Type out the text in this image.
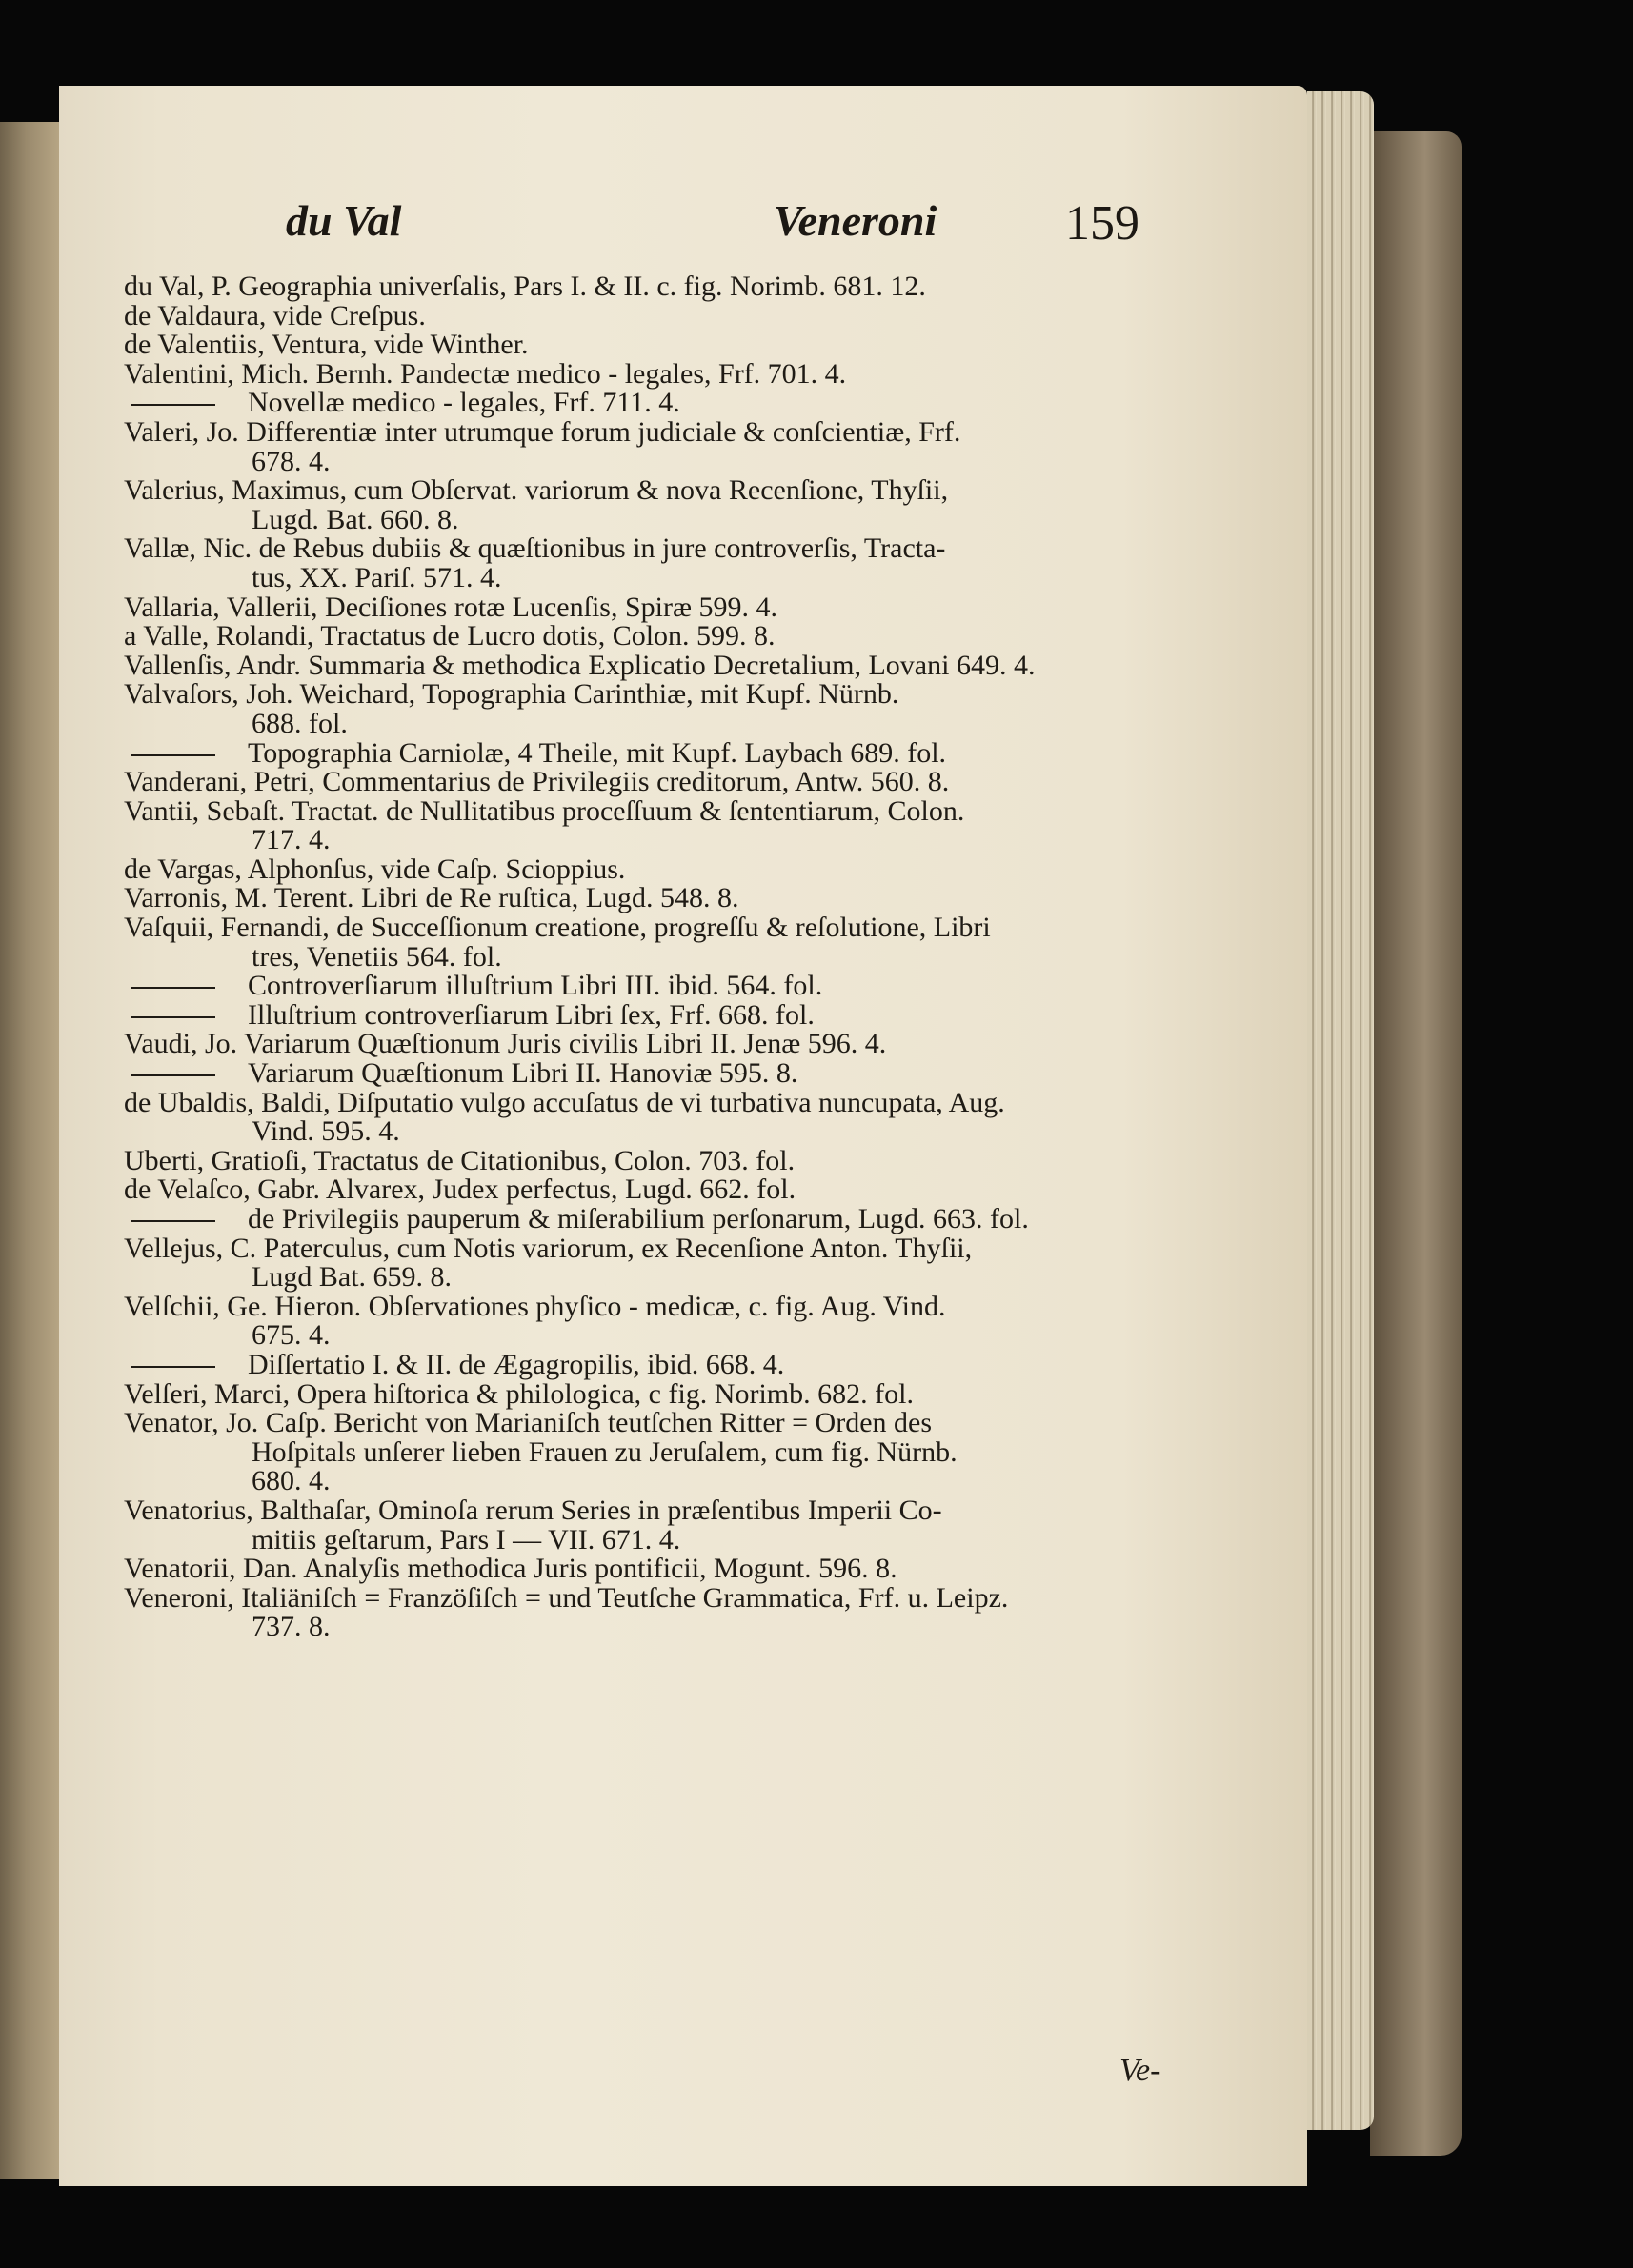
du Val	Veneroni	159
du Val, P. Geographia univerſalis, Pars I. & II. c. fig. Norimb. 681. 12.
de Valdaura, vide Creſpus.
de Valentiis, Ventura, vide Winther.
Valentini, Mich. Bernh. Pandectæ medico - legales, Frf. 701. 4.
Novellæ medico - legales, Frf. 711. 4.
Valeri, Jo. Differentiæ inter utrumque forum judiciale & conſcientiæ, Frf.
678. 4.
Valerius, Maximus, cum Obſervat. variorum & nova Recenſione, Thyſii,
Lugd. Bat. 660. 8.
Vallæ, Nic. de Rebus dubiis & quæſtionibus in jure controverſis, Tracta-
tus, XX. Pariſ. 571. 4.
Vallaria, Vallerii, Deciſiones rotæ Lucenſis, Spiræ 599. 4.
a Valle, Rolandi, Tractatus de Lucro dotis, Colon. 599. 8.
Vallenſis, Andr. Summaria & methodica Explicatio Decretalium, Lovani 649. 4.
Valvaſors, Joh. Weichard, Topographia Carinthiæ, mit Kupf. Nürnb.
688. fol.
Topographia Carniolæ, 4 Theile, mit Kupf. Laybach 689. fol.
Vanderani, Petri, Commentarius de Privilegiis creditorum, Antw. 560. 8.
Vantii, Sebaſt. Tractat. de Nullitatibus proceſſuum & ſententiarum, Colon.
717. 4.
de Vargas, Alphonſus, vide Caſp. Scioppius.
Varronis, M. Terent. Libri de Re ruſtica, Lugd. 548. 8.
Vaſquii, Fernandi, de Succeſſionum creatione, progreſſu & reſolutione, Libri
tres, Venetiis 564. fol.
Controverſiarum illuſtrium Libri III. ibid. 564. fol.
Illuſtrium controverſiarum Libri ſex, Frf. 668. fol.
Vaudi, Jo. Variarum Quæſtionum Juris civilis Libri II. Jenæ 596. 4.
Variarum Quæſtionum Libri II. Hanoviæ 595. 8.
de Ubaldis, Baldi, Diſputatio vulgo accuſatus de vi turbativa nuncupata, Aug.
Vind. 595. 4.
Uberti, Gratioſi, Tractatus de Citationibus, Colon. 703. fol.
de Velaſco, Gabr. Alvarex, Judex perfectus, Lugd. 662. fol.
de Privilegiis pauperum & miſerabilium perſonarum, Lugd. 663. fol.
Vellejus, C. Paterculus, cum Notis variorum, ex Recenſione Anton. Thyſii,
Lugd Bat. 659. 8.
Velſchii, Ge. Hieron. Obſervationes phyſico - medicæ, c. fig. Aug. Vind.
675. 4.
Diſſertatio I. & II. de Ægagropilis, ibid. 668. 4.
Velſeri, Marci, Opera hiſtorica & philologica, c fig. Norimb. 682. fol.
Venator, Jo. Caſp. Bericht von Marianiſch teutſchen Ritter = Orden des
Hoſpitals unſerer lieben Frauen zu Jeruſalem, cum fig. Nürnb.
680. 4.
Venatorius, Balthaſar, Ominoſa rerum Series in præſentibus Imperii Co-
mitiis geſtarum, Pars I — VII. 671. 4.
Venatorii, Dan. Analyſis methodica Juris pontificii, Mogunt. 596. 8.
Veneroni, Italiäniſch = Franzöſiſch = und Teutſche Grammatica, Frf. u. Leipz.
737. 8.
Ve-
